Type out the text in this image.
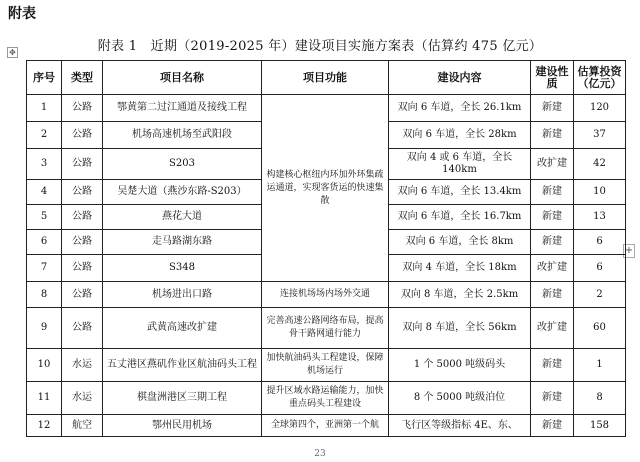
附表
附表 1　近期（2019-2025 年）建设项目实施方案表（估算约 475 亿元）
✥
+
序号	类型	项目名称	项目功能	建设内容	建设性质	估算投资（亿元）
1	公路	鄂黄第二过江通道及接线工程	构建核心枢纽内环加外环集疏运通道，实现客货运的快速集散	双向 6 车道，全长 26.1km	新建	120
2	公路	机场高速机场至武阳段		双向 6 车道，全长 28km	新建	37
3	公路	S203		双向 4 或 6 车道，全长 140km	改扩建	42
4	公路	吴楚大道（燕沙东路-S203）		双向 6 车道，全长 13.4km	新建	10
5	公路	燕花大道		双向 6 车道，全长 16.7km	新建	13
6	公路	走马路湖东路		双向 6 车道，全长 8km	新建	6
7	公路	S348		双向 4 车道，全长 18km	改扩建	6
8	公路	机场进出口路	连接机场场内场外交通	双向 8 车道，全长 2.5km	新建	2
9	公路	武黄高速改扩建	完善高速公路网络布局，提高骨干路网通行能力	双向 8 车道，全长 56km	改扩建	60
10	水运	五丈港区燕矶作业区航油码头工程	加快航油码头工程建设，保障机场运行	1 个 5000 吨级码头	新建	1
11	水运	棋盘洲港区三期工程	提升区域水路运输能力，加快重点码头工程建设	8 个 5000 吨级泊位	新建	8
12	航空	鄂州民用机场	全球第四个，亚洲第一个航	飞行区等级指标 4E、东、	新建	158
23
